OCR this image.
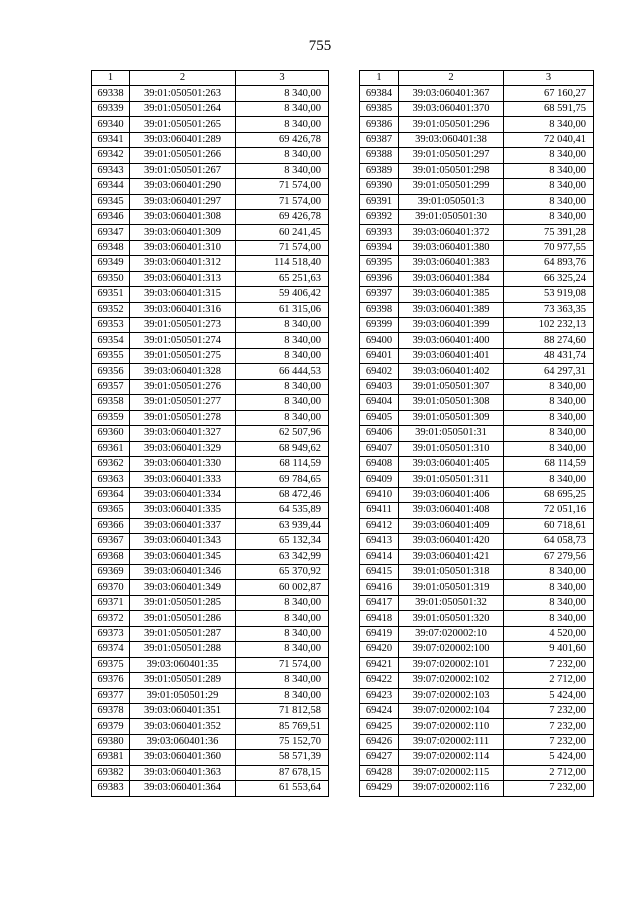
755
1	2	3
69338	39:01:050501:263	8 340,00
69339	39:01:050501:264	8 340,00
69340	39:01:050501:265	8 340,00
69341	39:03:060401:289	69 426,78
69342	39:01:050501:266	8 340,00
69343	39:01:050501:267	8 340,00
69344	39:03:060401:290	71 574,00
69345	39:03:060401:297	71 574,00
69346	39:03:060401:308	69 426,78
69347	39:03:060401:309	60 241,45
69348	39:03:060401:310	71 574,00
69349	39:03:060401:312	114 518,40
69350	39:03:060401:313	65 251,63
69351	39:03:060401:315	59 406,42
69352	39:03:060401:316	61 315,06
69353	39:01:050501:273	8 340,00
69354	39:01:050501:274	8 340,00
69355	39:01:050501:275	8 340,00
69356	39:03:060401:328	66 444,53
69357	39:01:050501:276	8 340,00
69358	39:01:050501:277	8 340,00
69359	39:01:050501:278	8 340,00
69360	39:03:060401:327	62 507,96
69361	39:03:060401:329	68 949,62
69362	39:03:060401:330	68 114,59
69363	39:03:060401:333	69 784,65
69364	39:03:060401:334	68 472,46
69365	39:03:060401:335	64 535,89
69366	39:03:060401:337	63 939,44
69367	39:03:060401:343	65 132,34
69368	39:03:060401:345	63 342,99
69369	39:03:060401:346	65 370,92
69370	39:03:060401:349	60 002,87
69371	39:01:050501:285	8 340,00
69372	39:01:050501:286	8 340,00
69373	39:01:050501:287	8 340,00
69374	39:01:050501:288	8 340,00
69375	39:03:060401:35	71 574,00
69376	39:01:050501:289	8 340,00
69377	39:01:050501:29	8 340,00
69378	39:03:060401:351	71 812,58
69379	39:03:060401:352	85 769,51
69380	39:03:060401:36	75 152,70
69381	39:03:060401:360	58 571,39
69382	39:03:060401:363	87 678,15
69383	39:03:060401:364	61 553,64
1	2	3
69384	39:03:060401:367	67 160,27
69385	39:03:060401:370	68 591,75
69386	39:01:050501:296	8 340,00
69387	39:03:060401:38	72 040,41
69388	39:01:050501:297	8 340,00
69389	39:01:050501:298	8 340,00
69390	39:01:050501:299	8 340,00
69391	39:01:050501:3	8 340,00
69392	39:01:050501:30	8 340,00
69393	39:03:060401:372	75 391,28
69394	39:03:060401:380	70 977,55
69395	39:03:060401:383	64 893,76
69396	39:03:060401:384	66 325,24
69397	39:03:060401:385	53 919,08
69398	39:03:060401:389	73 363,35
69399	39:03:060401:399	102 232,13
69400	39:03:060401:400	88 274,60
69401	39:03:060401:401	48 431,74
69402	39:03:060401:402	64 297,31
69403	39:01:050501:307	8 340,00
69404	39:01:050501:308	8 340,00
69405	39:01:050501:309	8 340,00
69406	39:01:050501:31	8 340,00
69407	39:01:050501:310	8 340,00
69408	39:03:060401:405	68 114,59
69409	39:01:050501:311	8 340,00
69410	39:03:060401:406	68 695,25
69411	39:03:060401:408	72 051,16
69412	39:03:060401:409	60 718,61
69413	39:03:060401:420	64 058,73
69414	39:03:060401:421	67 279,56
69415	39:01:050501:318	8 340,00
69416	39:01:050501:319	8 340,00
69417	39:01:050501:32	8 340,00
69418	39:01:050501:320	8 340,00
69419	39:07:020002:10	4 520,00
69420	39:07:020002:100	9 401,60
69421	39:07:020002:101	7 232,00
69422	39:07:020002:102	2 712,00
69423	39:07:020002:103	5 424,00
69424	39:07:020002:104	7 232,00
69425	39:07:020002:110	7 232,00
69426	39:07:020002:111	7 232,00
69427	39:07:020002:114	5 424,00
69428	39:07:020002:115	2 712,00
69429	39:07:020002:116	7 232,00
